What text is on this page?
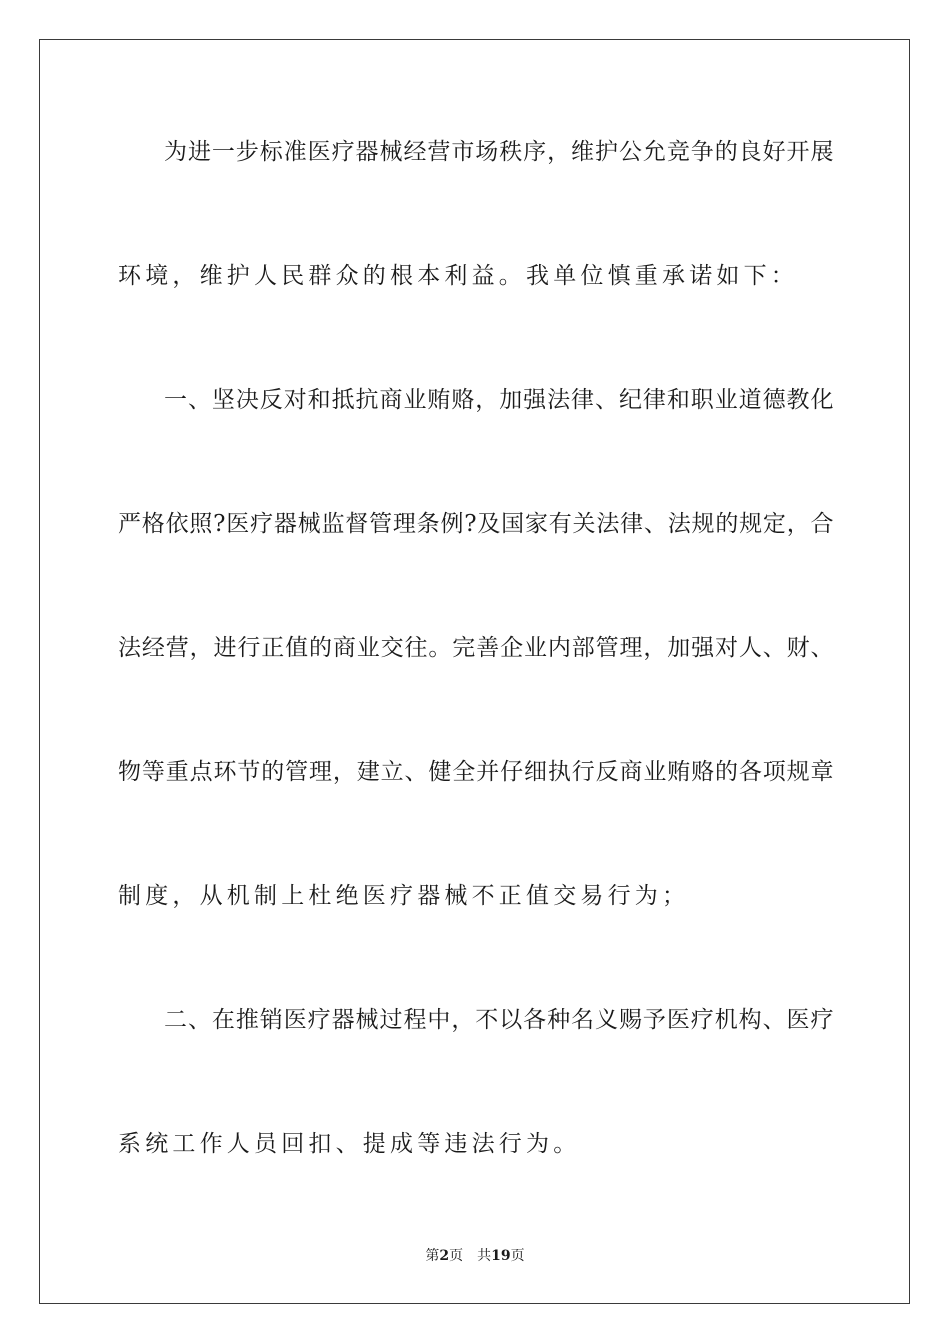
为进一步标准医疗器械经营市场秩序，维护公允竞争的良好开展
环境，维护人民群众的根本利益。我单位慎重承诺如下：
一、坚决反对和抵抗商业贿赂，加强法律、纪律和职业道德教化
严格依照?医疗器械监督管理条例?及国家有关法律、法规的规定，合
法经营，进行正值的商业交往。完善企业内部管理，加强对人、财、
物等重点环节的管理，建立、健全并仔细执行反商业贿赂的各项规章
制度，从机制上杜绝医疗器械不正值交易行为；
二、在推销医疗器械过程中，不以各种名义赐予医疗机构、医疗
系统工作人员回扣、提成等违法行为。
第2页 共19页
